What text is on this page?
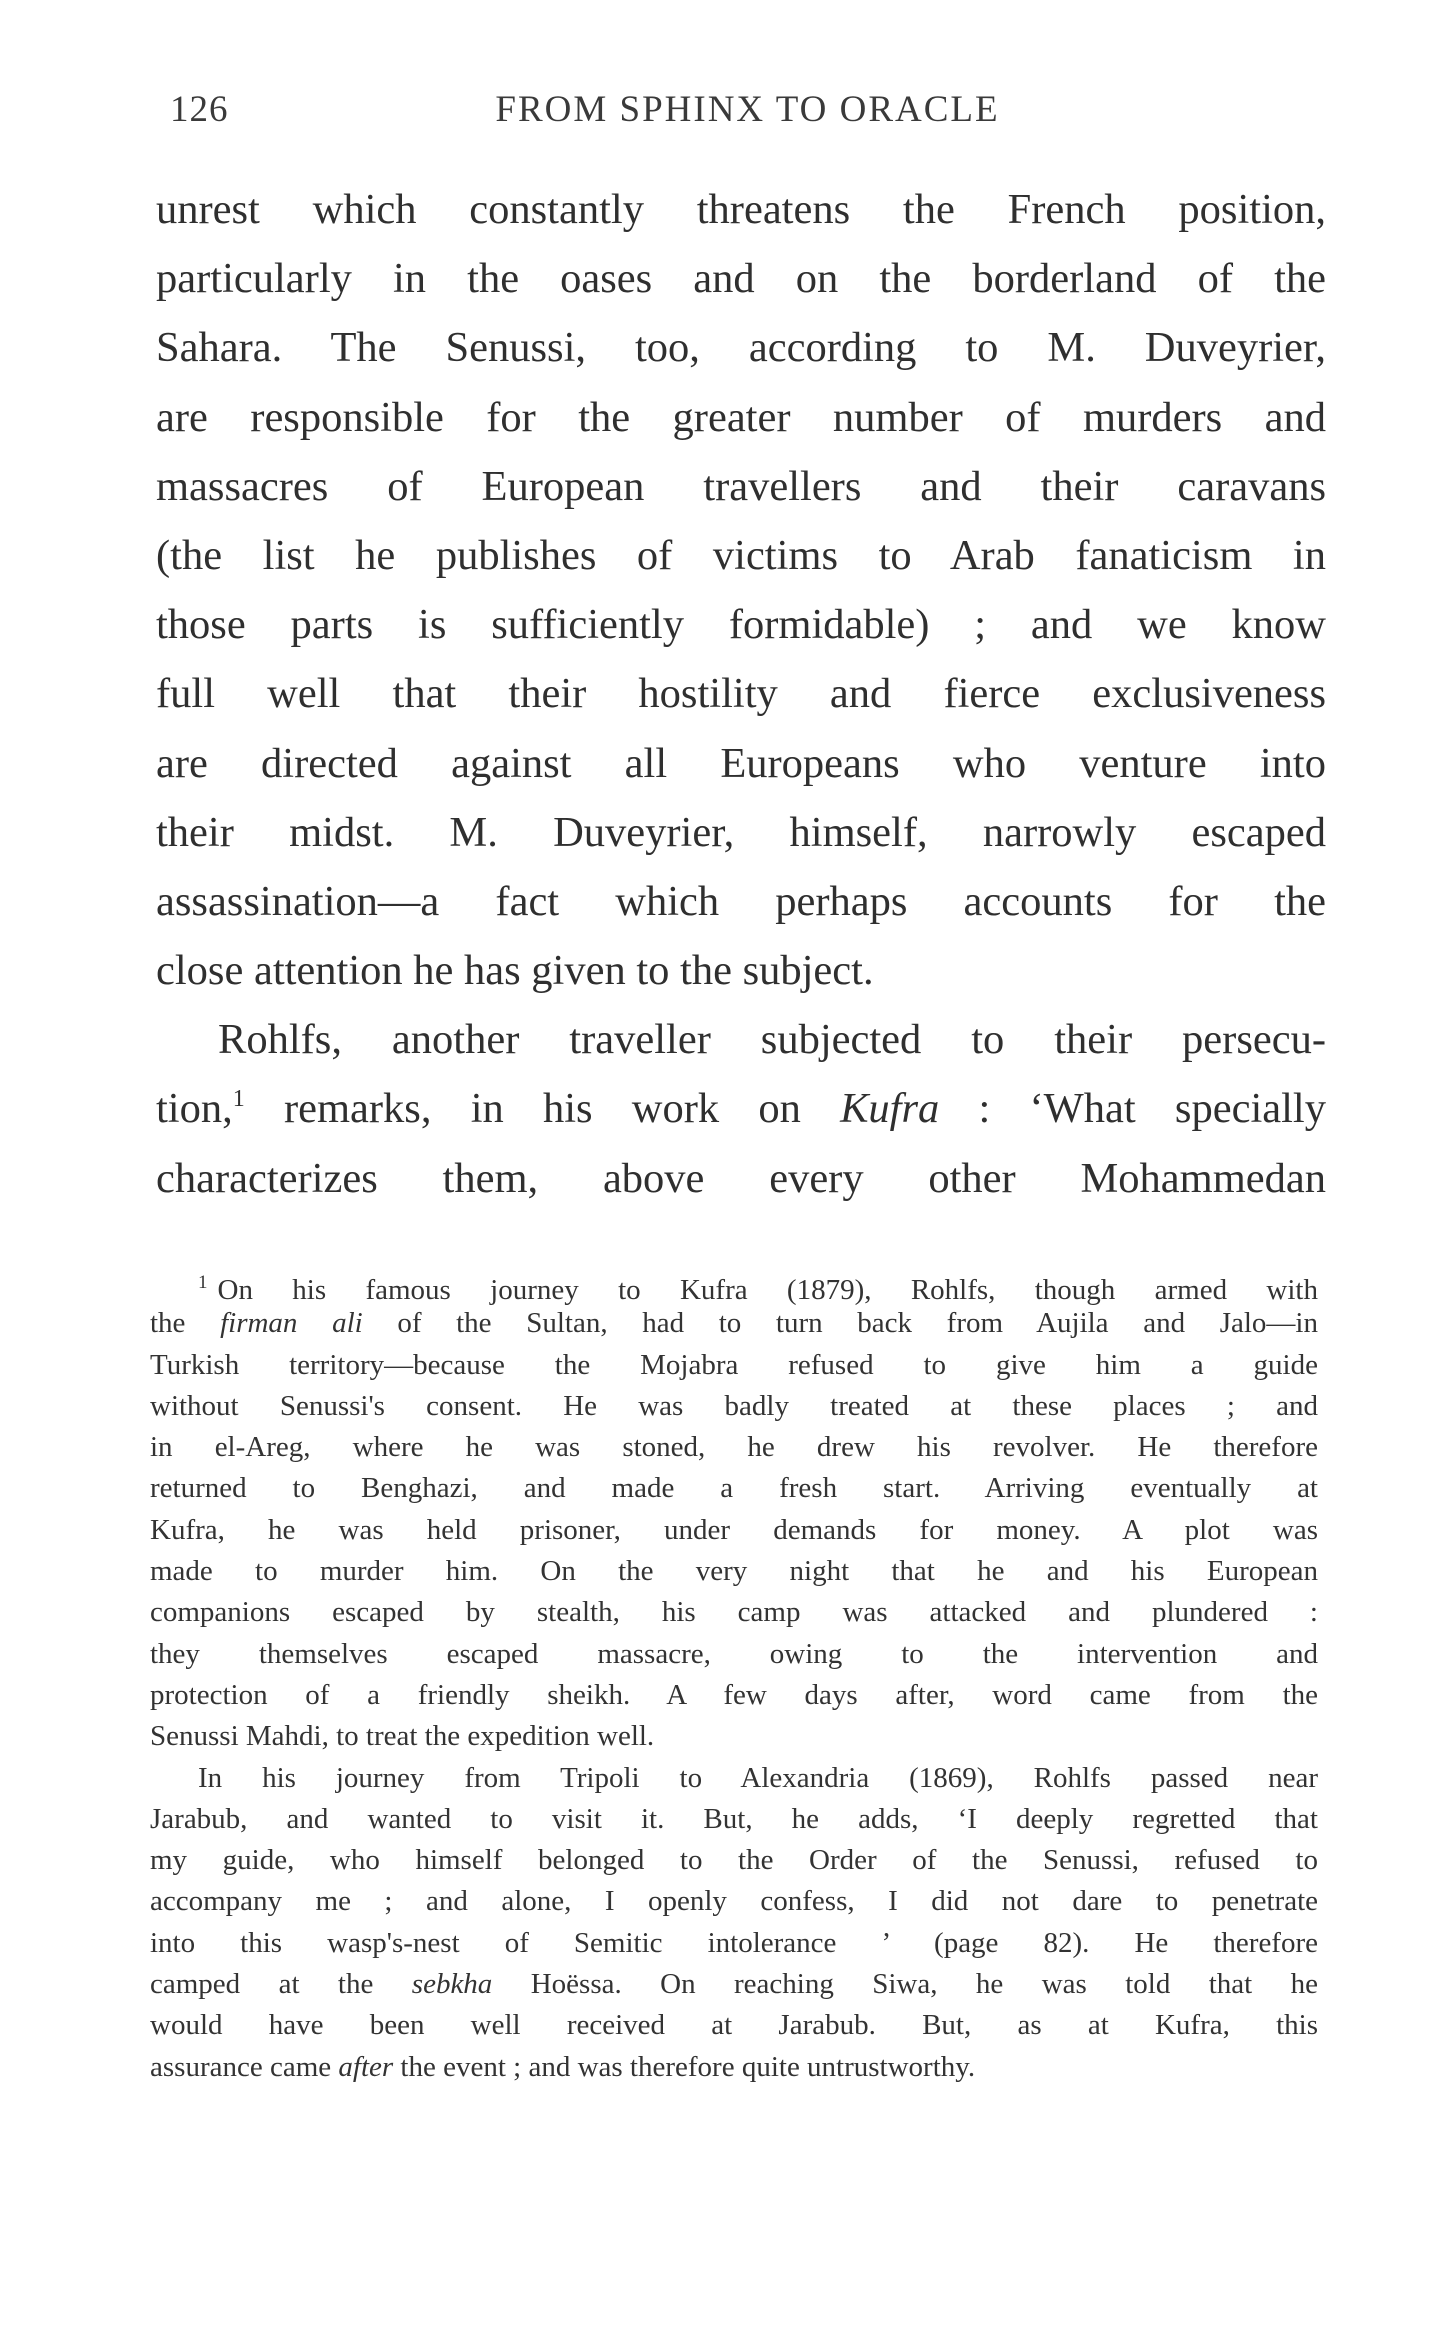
126	FROM SPHINX TO ORACLE
unrest which constantly threatens the French position,
particularly in the oases and on the borderland of the
Sahara. The Senussi, too, according to M. Duveyrier,
are responsible for the greater number of murders and
massacres of European travellers and their caravans
(the list he publishes of victims to Arab fanaticism in
those parts is sufficiently formidable) ; and we know
full well that their hostility and fierce exclusiveness
are directed against all Europeans who venture into
their midst. M. Duveyrier, himself, narrowly escaped
assassination—a fact which perhaps accounts for the
close attention he has given to the subject.
Rohlfs, another traveller subjected to their persecu-
tion,$^1$ remarks, in his work on Kufra : ‘What specially
characterizes them, above every other Mohammedan
$^1$ On his famous journey to Kufra (1879), Rohlfs, though armed with
the firman ali of the Sultan, had to turn back from Aujila and Jalo—in
Turkish territory—because the Mojabra refused to give him a guide
without Senussi's consent. He was badly treated at these places ; and
in el-Areg, where he was stoned, he drew his revolver. He therefore
returned to Benghazi, and made a fresh start. Arriving eventually at
Kufra, he was held prisoner, under demands for money. A plot was
made to murder him. On the very night that he and his European
companions escaped by stealth, his camp was attacked and plundered :
they themselves escaped massacre, owing to the intervention and
protection of a friendly sheikh. A few days after, word came from the
Senussi Mahdi, to treat the expedition well.
In his journey from Tripoli to Alexandria (1869), Rohlfs passed near
Jarabub, and wanted to visit it. But, he adds, ‘I deeply regretted that
my guide, who himself belonged to the Order of the Senussi, refused to
accompany me ; and alone, I openly confess, I did not dare to penetrate
into this wasp's-nest of Semitic intolerance ’ (page 82). He therefore
camped at the sebkha Hoëssa. On reaching Siwa, he was told that he
would have been well received at Jarabub. But, as at Kufra, this
assurance came after the event ; and was therefore quite untrustworthy.
